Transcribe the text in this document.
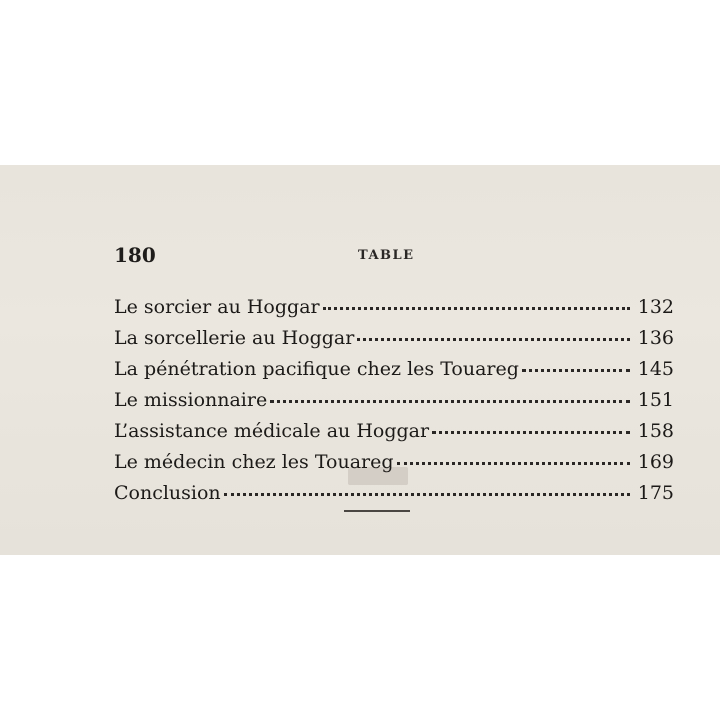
180	TABLE
Le sorcier au Hoggar	132
La sorcellerie au Hoggar	136
La pénétration pacifique chez les Touareg	145
Le missionnaire	151
L’assistance médicale au Hoggar	158
Le médecin chez les Touareg	169
Conclusion	175
